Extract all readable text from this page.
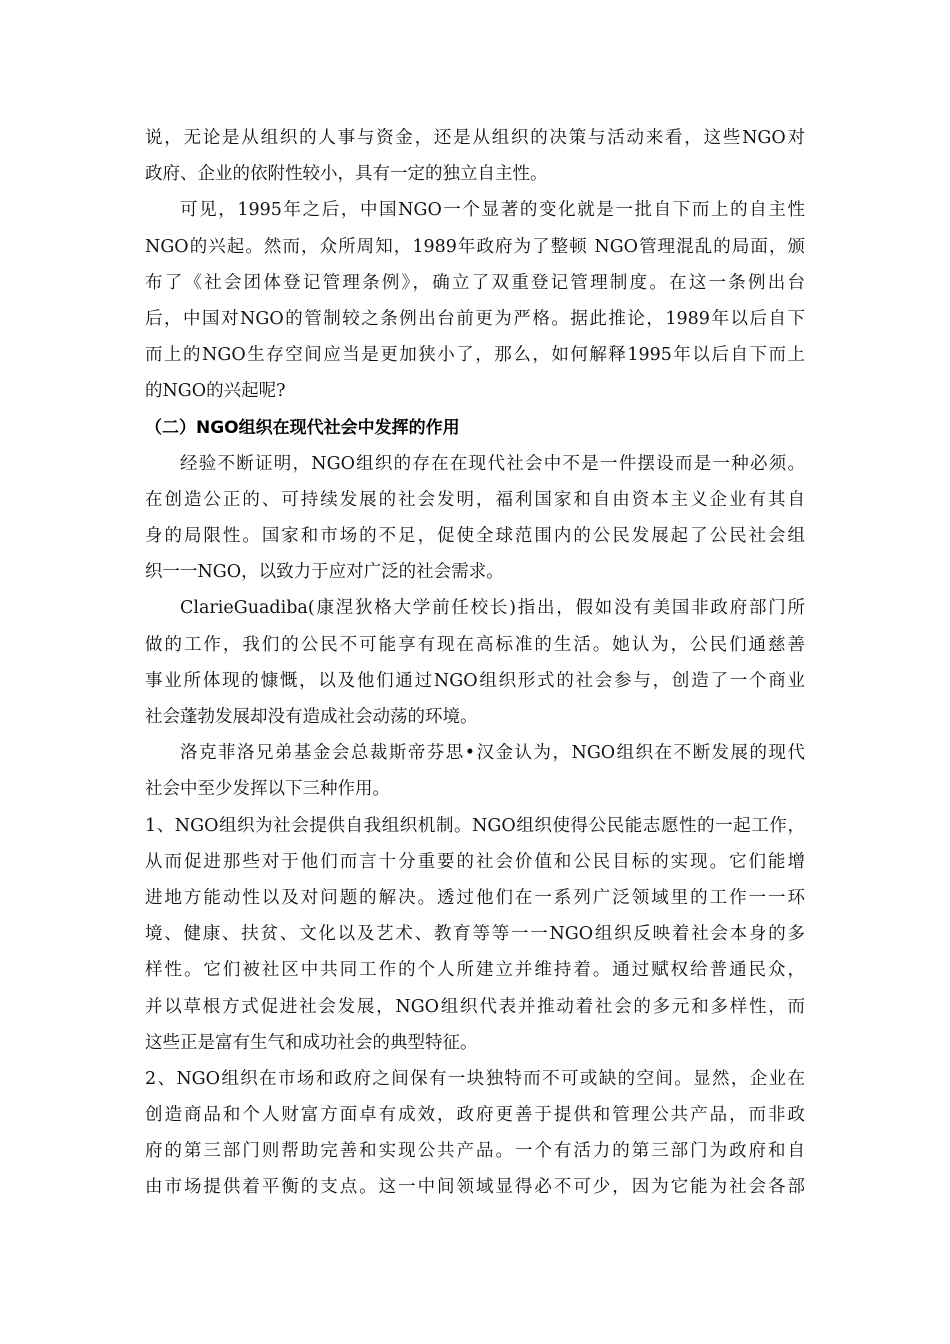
说，无论是从组织的人事与资金，还是从组织的决策与活动来看，这些NGO对
政府、企业的依附性较小，具有一定的独立自主性。
可见，1995年之后，中国NGO一个显著的变化就是一批自下而上的自主性
NGO的兴起。然而，众所周知，1989年政府为了整顿 NGO管理混乱的局面，颁
布了《社会团体登记管理条例》，确立了双重登记管理制度。在这一条例出台
后，中国对NGO的管制较之条例出台前更为严格。据此推论，1989年以后自下
而上的NGO生存空间应当是更加狭小了，那么，如何解释1995年以后自下而上
的NGO的兴起呢?
（二）NGO组织在现代社会中发挥的作用
经验不断证明，NGO组织的存在在现代社会中不是一件摆设而是一种必须。
在创造公正的、可持续发展的社会发明，福利国家和自由资本主义企业有其自
身的局限性。国家和市场的不足，促使全球范围内的公民发展起了公民社会组
织一一NGO，以致力于应对广泛的社会需求。
ClarieGuadiba(康涅狄格大学前任校长)指出，假如没有美国非政府部门所
做的工作，我们的公民不可能享有现在高标准的生活。她认为，公民们通慈善
事业所体现的慷慨，以及他们通过NGO组织形式的社会参与，创造了一个商业
社会蓬勃发展却没有造成社会动荡的环境。
洛克菲洛兄弟基金会总裁斯帝芬思•汉金认为，NGO组织在不断发展的现代
社会中至少发挥以下三种作用。
1、NGO组织为社会提供自我组织机制。NGO组织使得公民能志愿性的一起工作，
从而促进那些对于他们而言十分重要的社会价值和公民目标的实现。它们能增
进地方能动性以及对问题的解决。透过他们在一系列广泛领域里的工作一一环
境、健康、扶贫、文化以及艺术、教育等等一一NGO组织反映着社会本身的多
样性。它们被社区中共同工作的个人所建立并维持着。通过赋权给普通民众，
并以草根方式促进社会发展，NGO组织代表并推动着社会的多元和多样性，而
这些正是富有生气和成功社会的典型特征。
2、NGO组织在市场和政府之间保有一块独特而不可或缺的空间。显然，企业在
创造商品和个人财富方面卓有成效，政府更善于提供和管理公共产品，而非政
府的第三部门则帮助完善和实现公共产品。一个有活力的第三部门为政府和自
由市场提供着平衡的支点。这一中间领域显得必不可少，因为它能为社会各部
